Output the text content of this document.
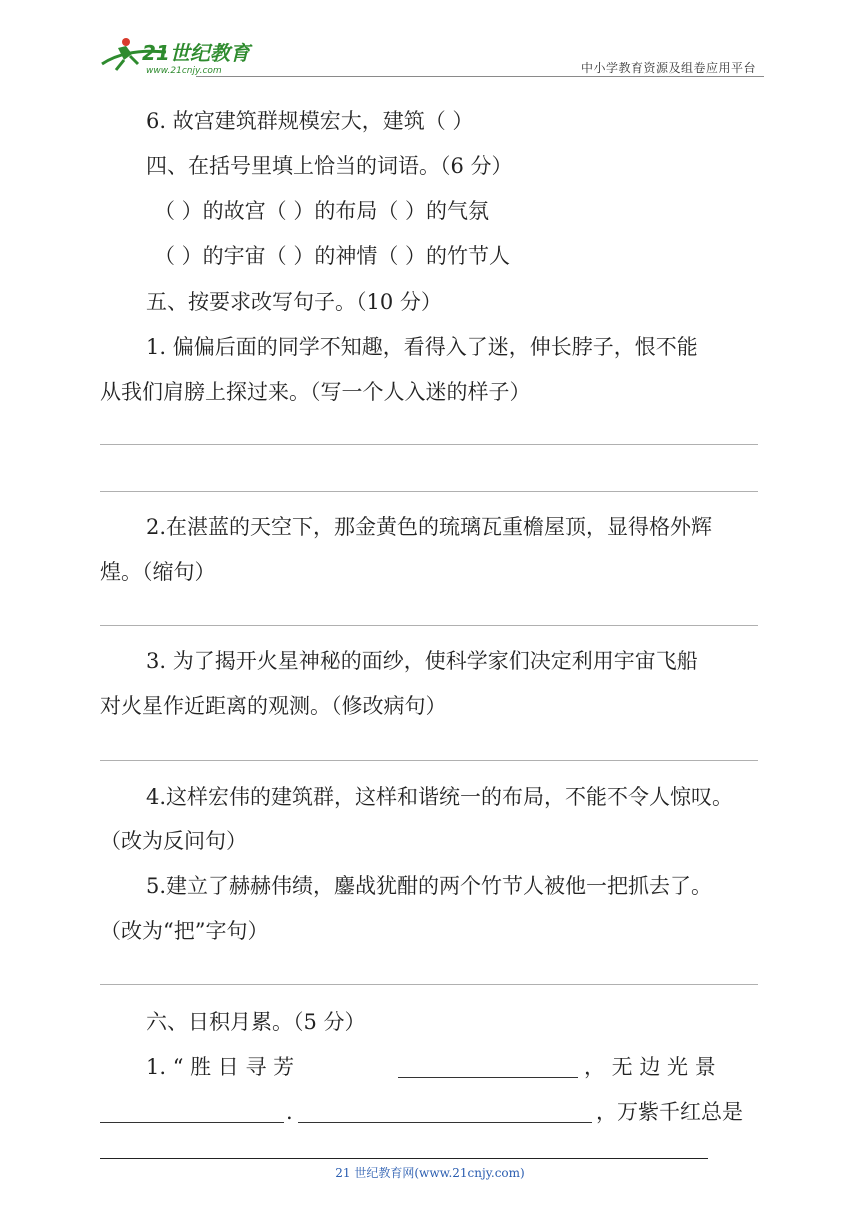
21世纪教育
www.21cnjy.com	中小学教育资源及组卷应用平台
6. 故宫建筑群规模宏大，建筑（ ）
四、在括号里填上恰当的词语。（6 分）
（ ）的故宫（ ）的布局（ ）的气氛
（ ）的宇宙（ ）的神情（ ）的竹节人
五、按要求改写句子。（10 分）
1. 偏偏后面的同学不知趣，看得入了迷，伸长脖子，恨不能
从我们肩膀上探过来。（写一个人入迷的样子）
2.在湛蓝的天空下，那金黄色的琉璃瓦重檐屋顶，显得格外辉
煌。（缩句）
3. 为了揭开火星神秘的面纱，使科学家们决定利用宇宙飞船
对火星作近距离的观测。（修改病句）
4.这样宏伟的建筑群，这样和谐统一的布局，不能不令人惊叹。
（改为反问句）
5.建立了赫赫伟绩，鏖战犹酣的两个竹节人被他一把抓去了。
（改为“把”字句）
六、日积月累。（5 分）
1. “ 胜 日 寻 芳	， 无 边 光 景
.	，万紫千红总是
21 世纪教育网(www.21cnjy.com)
